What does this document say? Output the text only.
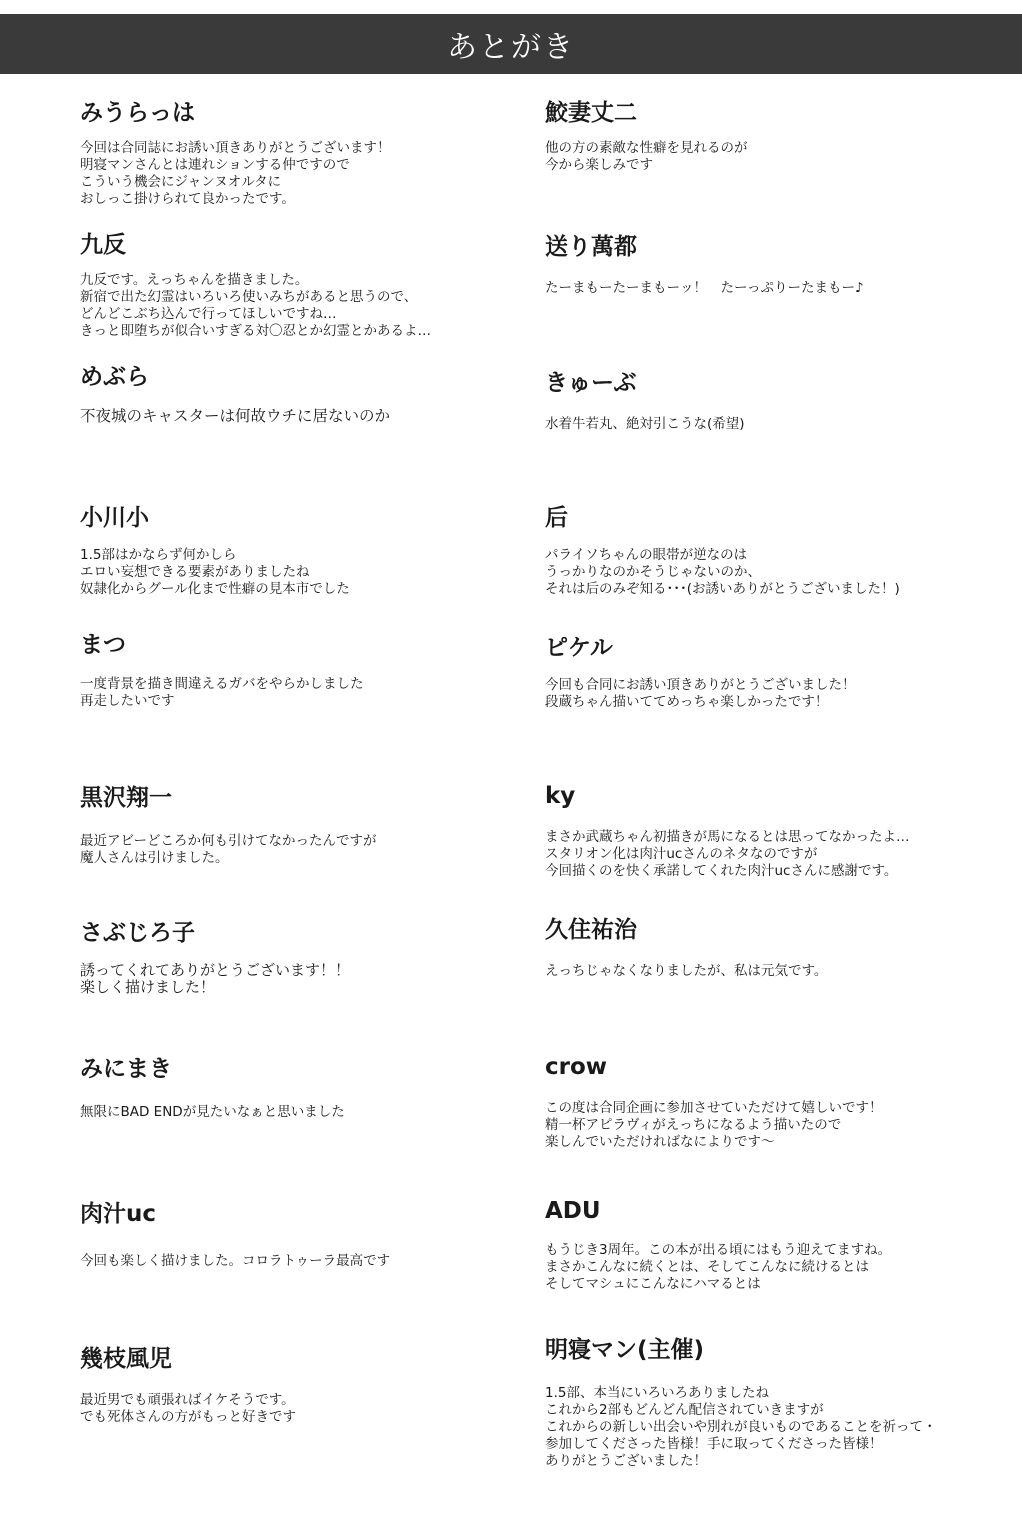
あとがき
みうらっは
今回は合同誌にお誘い頂きありがとうございます！
明寝マンさんとは連れションする仲ですので
こういう機会にジャンヌオルタに
おしっこ掛けられて良かったです。
九反
九反です。えっちゃんを描きました。
新宿で出た幻霊はいろいろ使いみちがあると思うので、
どんどこぶち込んで行ってほしいですね…
きっと即堕ちが似合いすぎる対〇忍とか幻霊とかあるよ…
めぶら
不夜城のキャスターは何故ウチに居ないのか
小川小
1.5部はかならず何かしら
エロい妄想できる要素がありましたね
奴隷化からグール化まで性癖の見本市でした
まつ
一度背景を描き間違えるガバをやらかしました
再走したいです
黒沢翔一
最近アビーどころか何も引けてなかったんですが
魔人さんは引けました。
さぶじろ子
誘ってくれてありがとうございます！！
楽しく描けました！
みにまき
無限にBAD ENDが見たいなぁと思いました
肉汁uc
今回も楽しく描けました。コロラトゥーラ最高です
幾枝風児
最近男でも頑張ればイケそうです。
でも死体さんの方がもっと好きです
鮫妻丈二
他の方の素敵な性癖を見れるのが
今から楽しみです
送り萬都
たーまもーたーまもーッ！　たーっぷりーたまもー♪
きゅーぶ
水着牛若丸、絶対引こうな(希望)
后
パライソちゃんの眼帯が逆なのは
うっかりなのかそうじゃないのか、
それは后のみぞ知る･･･(お誘いありがとうございました！)
ピケル
今回も合同にお誘い頂きありがとうございました！
段蔵ちゃん描いててめっちゃ楽しかったです！
ky
まさか武蔵ちゃん初描きが馬になるとは思ってなかったよ…
スタリオン化は肉汁ucさんのネタなのですが
今回描くのを快く承諾してくれた肉汁ucさんに感謝です。
久住祐治
えっちじゃなくなりましたが、私は元気です。
crow
この度は合同企画に参加させていただけて嬉しいです！
精一杯アピラヴィがえっちになるよう描いたので
楽しんでいただければなによりです～
ADU
もうじき3周年。この本が出る頃にはもう迎えてますね。
まさかこんなに続くとは、そしてこんなに続けるとは
そしてマシュにこんなにハマるとは
明寝マン(主催)
1.5部、本当にいろいろありましたね
これから2部もどんどん配信されていきますが
これからの新しい出会いや別れが良いものであることを祈って・
参加してくださった皆様！手に取ってくださった皆様！
ありがとうございました！
